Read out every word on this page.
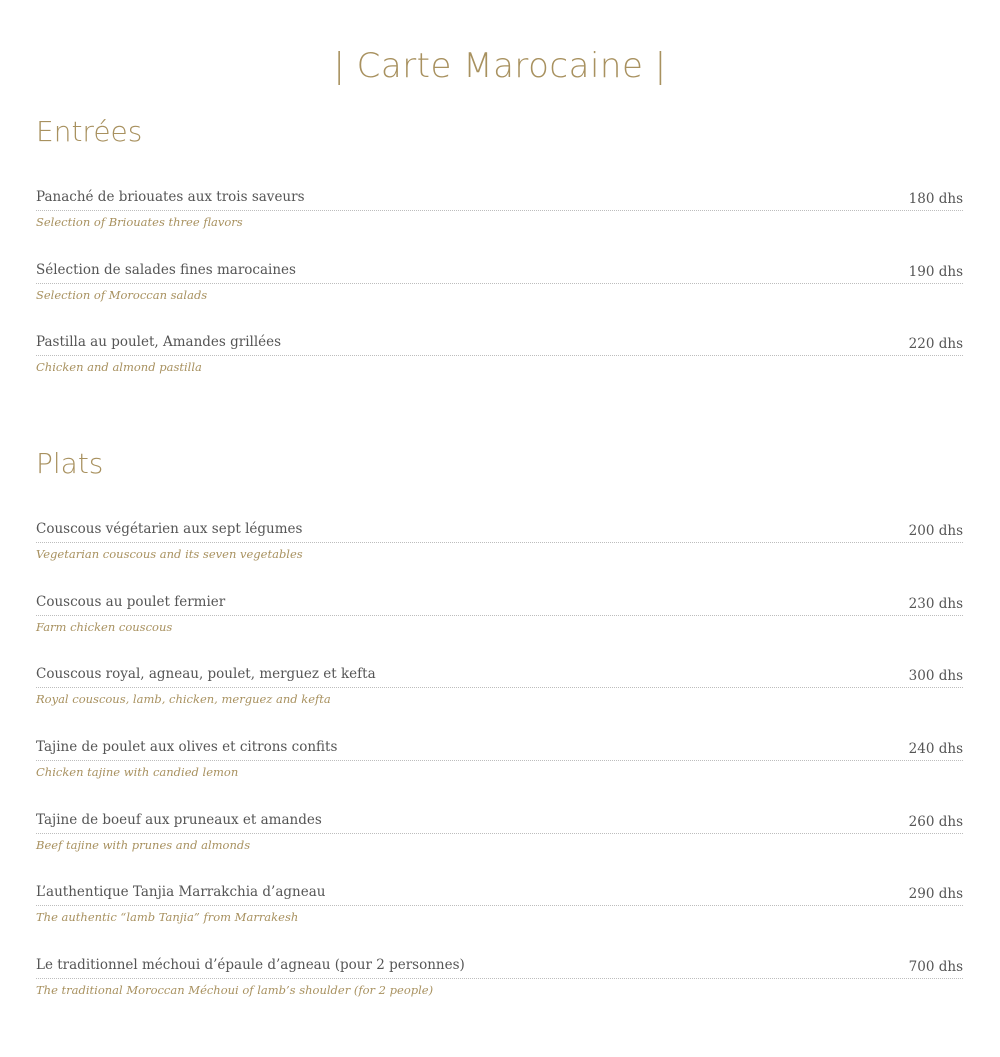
| Carte Marocaine |
Entrées
Panaché de briouates aux trois saveurs	180 dhs
Selection of Briouates three flavors
Sélection de salades fines marocaines	190 dhs
Selection of Moroccan salads
Pastilla au poulet, Amandes grillées	220 dhs
Chicken and almond pastilla
Plats
Couscous végétarien aux sept légumes	200 dhs
Vegetarian couscous and its seven vegetables
Couscous au poulet fermier	230 dhs
Farm chicken couscous
Couscous royal, agneau, poulet, merguez et kefta	300 dhs
Royal couscous, lamb, chicken, merguez and kefta
Tajine de poulet aux olives et citrons confits	240 dhs
Chicken tajine with candied lemon
Tajine de boeuf aux pruneaux et amandes	260 dhs
Beef tajine with prunes and almonds
L’authentique Tanjia Marrakchia d’agneau	290 dhs
The authentic “lamb Tanjia” from Marrakesh
Le traditionnel méchoui d’épaule d’agneau (pour 2 personnes)	700 dhs
The traditional Moroccan Méchoui of lamb’s shoulder (for 2 people)
